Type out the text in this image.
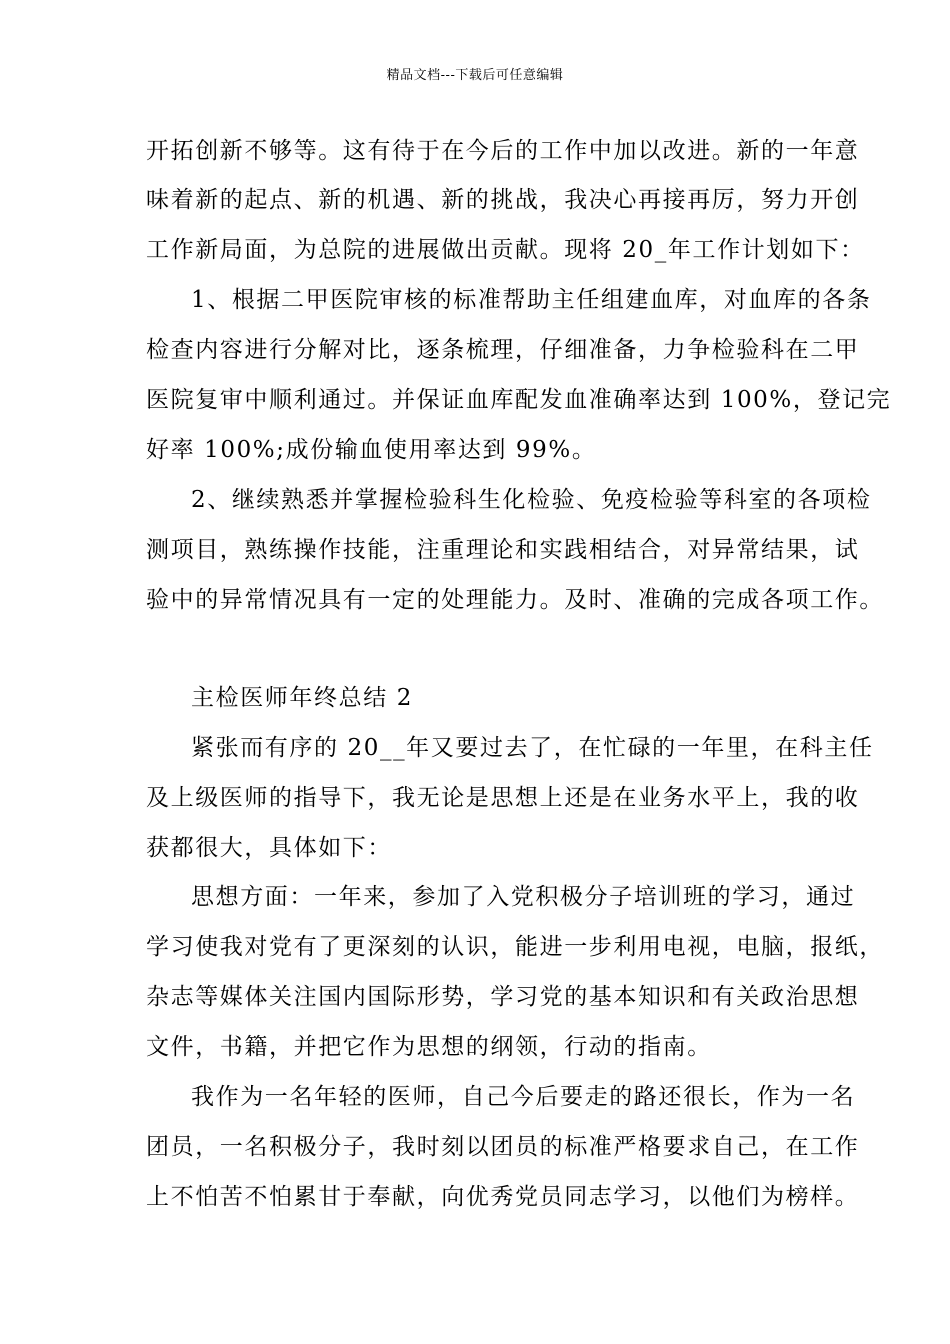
精品文档---下载后可任意编辑
开拓创新不够等。这有待于在今后的工作中加以改进。新的一年意
味着新的起点、新的机遇、新的挑战，我决心再接再厉，努力开创
工作新局面，为总院的进展做出贡献。现将 20_年工作计划如下：
1、根据二甲医院审核的标准帮助主任组建血库，对血库的各条
检查内容进行分解对比，逐条梳理，仔细准备，力争检验科在二甲
医院复审中顺利通过。并保证血库配发血准确率达到 100%，登记完
好率 100%;成份输血使用率达到 99%。
2、继续熟悉并掌握检验科生化检验、免疫检验等科室的各项检
测项目，熟练操作技能，注重理论和实践相结合，对异常结果，试
验中的异常情况具有一定的处理能力。及时、准确的完成各项工作。
主检医师年终总结 2
紧张而有序的 20__年又要过去了，在忙碌的一年里，在科主任
及上级医师的指导下，我无论是思想上还是在业务水平上，我的收
获都很大，具体如下：
思想方面：一年来，参加了入党积极分子培训班的学习，通过
学习使我对党有了更深刻的认识，能进一步利用电视，电脑，报纸，
杂志等媒体关注国内国际形势，学习党的基本知识和有关政治思想
文件，书籍，并把它作为思想的纲领，行动的指南。
我作为一名年轻的医师，自己今后要走的路还很长，作为一名
团员，一名积极分子，我时刻以团员的标准严格要求自己，在工作
上不怕苦不怕累甘于奉献，向优秀党员同志学习，以他们为榜样。
